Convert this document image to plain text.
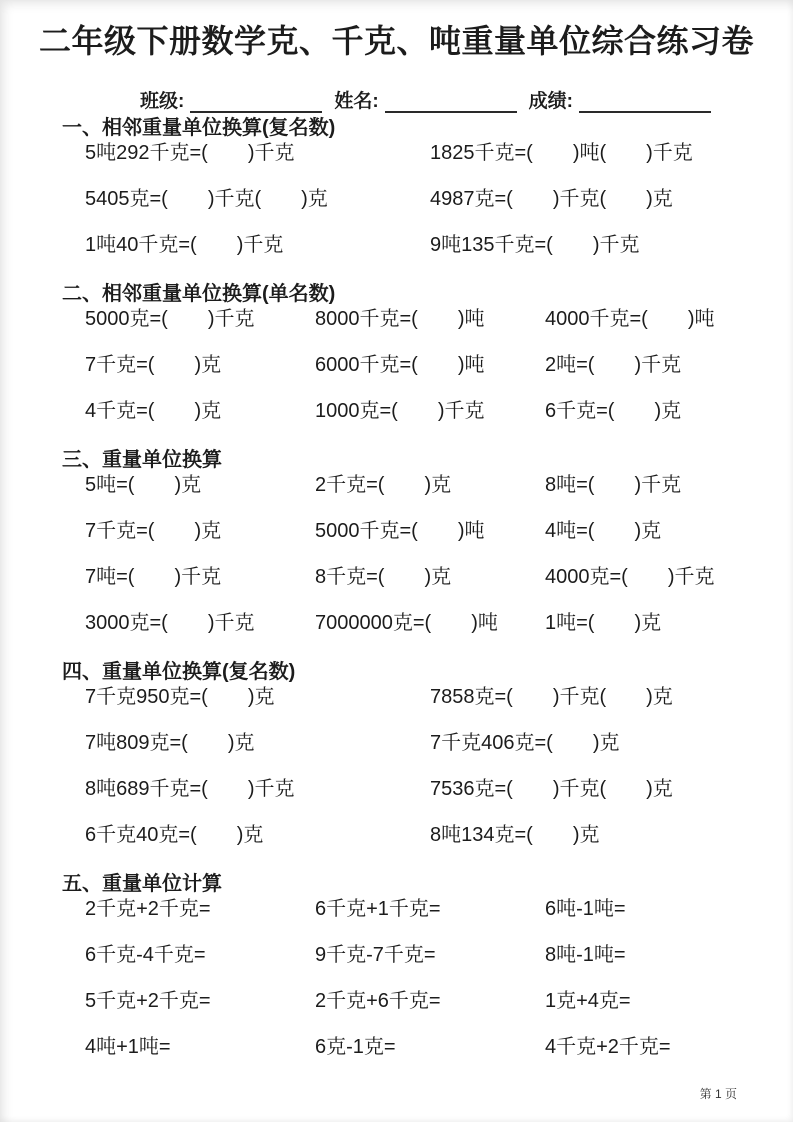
二年级下册数学克、千克、吨重量单位综合练习卷
班级:	姓名:	成绩:
一、相邻重量单位换算(复名数)
5吨292千克=(　　)千克	1825千克=(　　)吨(　　)千克
5405克=(　　)千克(　　)克	4987克=(　　)千克(　　)克
1吨40千克=(　　)千克	9吨135千克=(　　)千克
二、相邻重量单位换算(单名数)
5000克=(　　)千克	8000千克=(　　)吨	4000千克=(　　)吨
7千克=(　　)克	6000千克=(　　)吨	2吨=(　　)千克
4千克=(　　)克	1000克=(　　)千克	6千克=(　　)克
三、重量单位换算
5吨=(　　)克	2千克=(　　)克	8吨=(　　)千克
7千克=(　　)克	5000千克=(　　)吨	4吨=(　　)克
7吨=(　　)千克	8千克=(　　)克	4000克=(　　)千克
3000克=(　　)千克	7000000克=(　　)吨	1吨=(　　)克
四、重量单位换算(复名数)
7千克950克=(　　)克	7858克=(　　)千克(　　)克
7吨809克=(　　)克	7千克406克=(　　)克
8吨689千克=(　　)千克	7536克=(　　)千克(　　)克
6千克40克=(　　)克	8吨134克=(　　)克
五、重量单位计算
2千克+2千克=	6千克+1千克=	6吨-1吨=
6千克-4千克=	9千克-7千克=	8吨-1吨=
5千克+2千克=	2千克+6千克=	1克+4克=
4吨+1吨=	6克-1克=	4千克+2千克=
第 1 页
